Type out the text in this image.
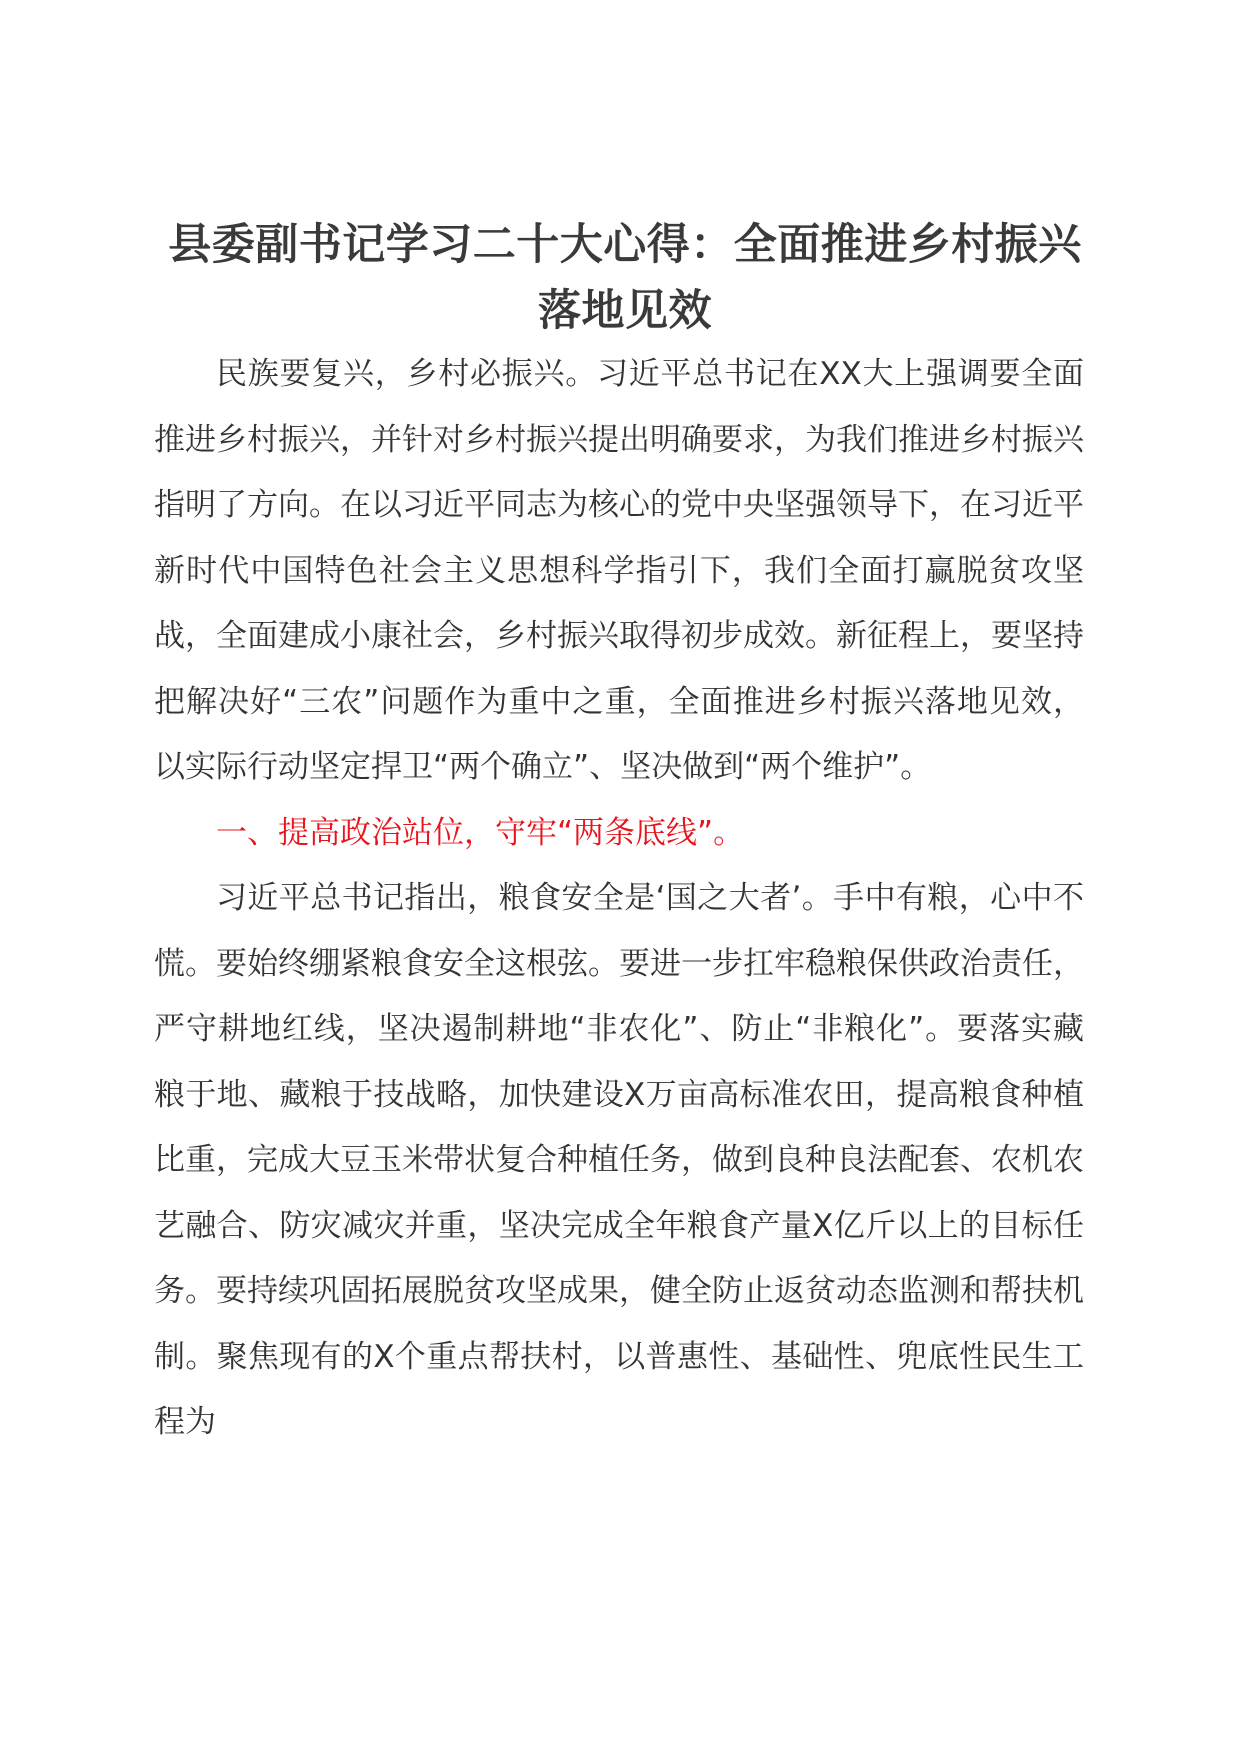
县委副书记学习二十大心得：全面推进乡村振兴落地见效

民族要复兴，乡村必振兴。习近平总书记在XX大上强调要全面推进乡村振兴，并针对乡村振兴提出明确要求，为我们推进乡村振兴指明了方向。在以习近平同志为核心的党中央坚强领导下，在习近平新时代中国特色社会主义思想科学指引下，我们全面打赢脱贫攻坚战，全面建成小康社会，乡村振兴取得初步成效。新征程上，要坚持把解决好“三农”问题作为重中之重，全面推进乡村振兴落地见效，以实际行动坚定捍卫“两个确立”、坚决做到“两个维护”。

一、提高政治站位，守牢“两条底线”。

习近平总书记指出，粮食安全是‘国之大者’。手中有粮，心中不慌。要始终绷紧粮食安全这根弦。要进一步扛牢稳粮保供政治责任，严守耕地红线，坚决遏制耕地“非农化”、防止“非粮化”。要落实藏粮于地、藏粮于技战略，加快建设X万亩高标准农田，提高粮食种植比重，完成大豆玉米带状复合种植任务，做到良种良法配套、农机农艺融合、防灾减灾并重，坚决完成全年粮食产量X亿斤以上的目标任务。要持续巩固拓展脱贫攻坚成果，健全防止返贫动态监测和帮扶机制。聚焦现有的X个重点帮扶村，以普惠性、基础性、兜底性民生工程为
